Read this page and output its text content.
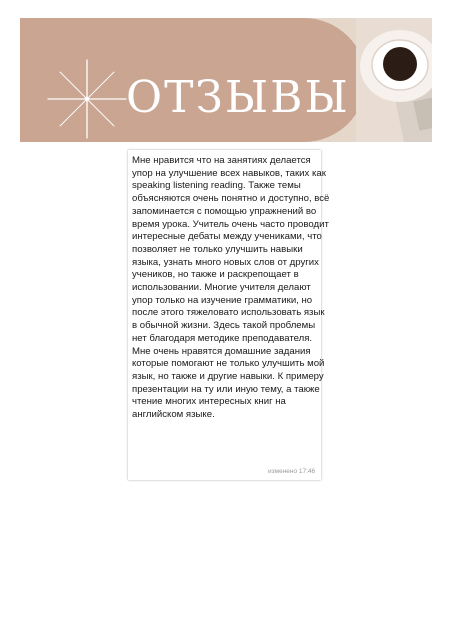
ОТЗЫВЫ

Мне нравится что на занятиях делается упор на улучшение всех навыков, таких как speaking listening reading. Также темы объясняются очень понятно и доступно, всё запоминается с помощью упражнений во время урока. Учитель очень часто проводит интересные дебаты между учениками, что позволяет не только улучшить навыки языка, узнать много новых слов от других учеников, но также и раскрепощает в использовании. Многие учителя делают упор только на изучение грамматики, но после этого тяжеловато использовать язык в обычной жизни. Здесь такой проблемы нет благодаря методике преподавателя. Мне очень нравятся домашние задания которые помогают не только улучшить мой язык, но также и другие навыки. К примеру презентации на ту или иную тему, а также чтение многих интересных книг на английском языке.

изменено 17:46
